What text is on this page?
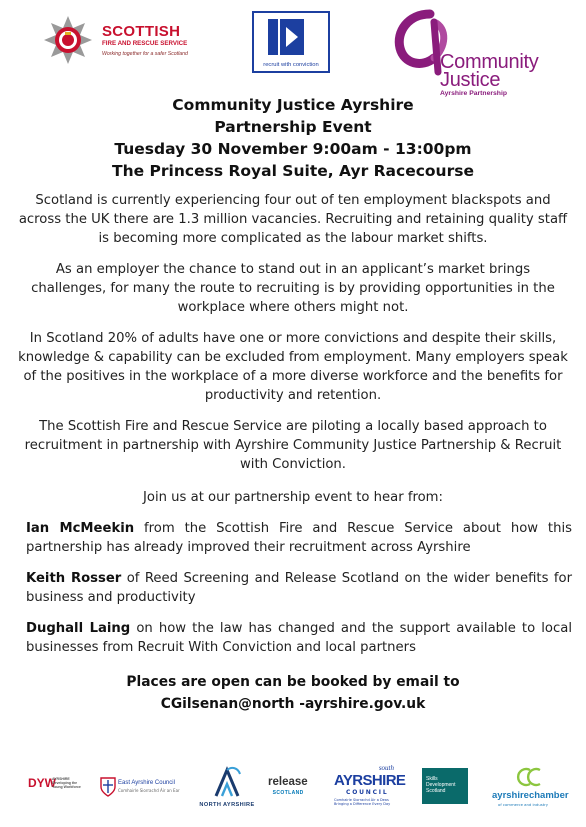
SCOTTISH
FIRE AND RESCUE SERVICE
Working together for a safer Scotland
recruit with conviction	Community
Justice
Ayrshire Partnership
Community Justice Ayrshire
Partnership Event
Tuesday 30 November 9:00am - 13:00pm
The Princess Royal Suite, Ayr Racecourse

Scotland is currently experiencing four out of ten employment blackspots and across the UK there are 1.3 million vacancies. Recruiting and retaining quality staff is becoming more complicated as the labour market shifts.

As an employer the chance to stand out in an applicant’s market brings challenges, for many the route to recruiting is by providing opportunities in the workplace where others might not.

In Scotland 20% of adults have one or more convictions and despite their skills, knowledge & capability can be excluded from employment. Many employers speak of the positives in the workplace of a more diverse workforce and the benefits for productivity and retention.

The Scottish Fire and Rescue Service are piloting a locally based approach to recruitment in partnership with Ayrshire Community Justice Partnership & Recruit with Conviction.

Join us at our partnership event to hear from:

Ian McMeekin from the Scottish Fire and Rescue Service about how this partnership has already improved their recruitment across Ayrshire

Keith Rosser of Reed Screening and Release Scotland on the wider benefits for business and productivity

Dughall Laing on how the law has changed and the support available to local businesses from Recruit With Conviction and local partners

Places are open can be booked by email to
CGilsenan@north -ayrshire.gov.uk
DYW
AYRSHIRE Developing the Young Workforce
East Ayrshire Council
Comhairle Siorrachd Àir an Ear
NORTH AYRSHIRE
release
SCOTLAND
south
AYRSHIRE
COUNCIL
Comhairle Siorrachd Àir a Deas Bringing a Difference Every Day
Skills
Development
Scotland	ayrshirechamber
of commerce and industry
